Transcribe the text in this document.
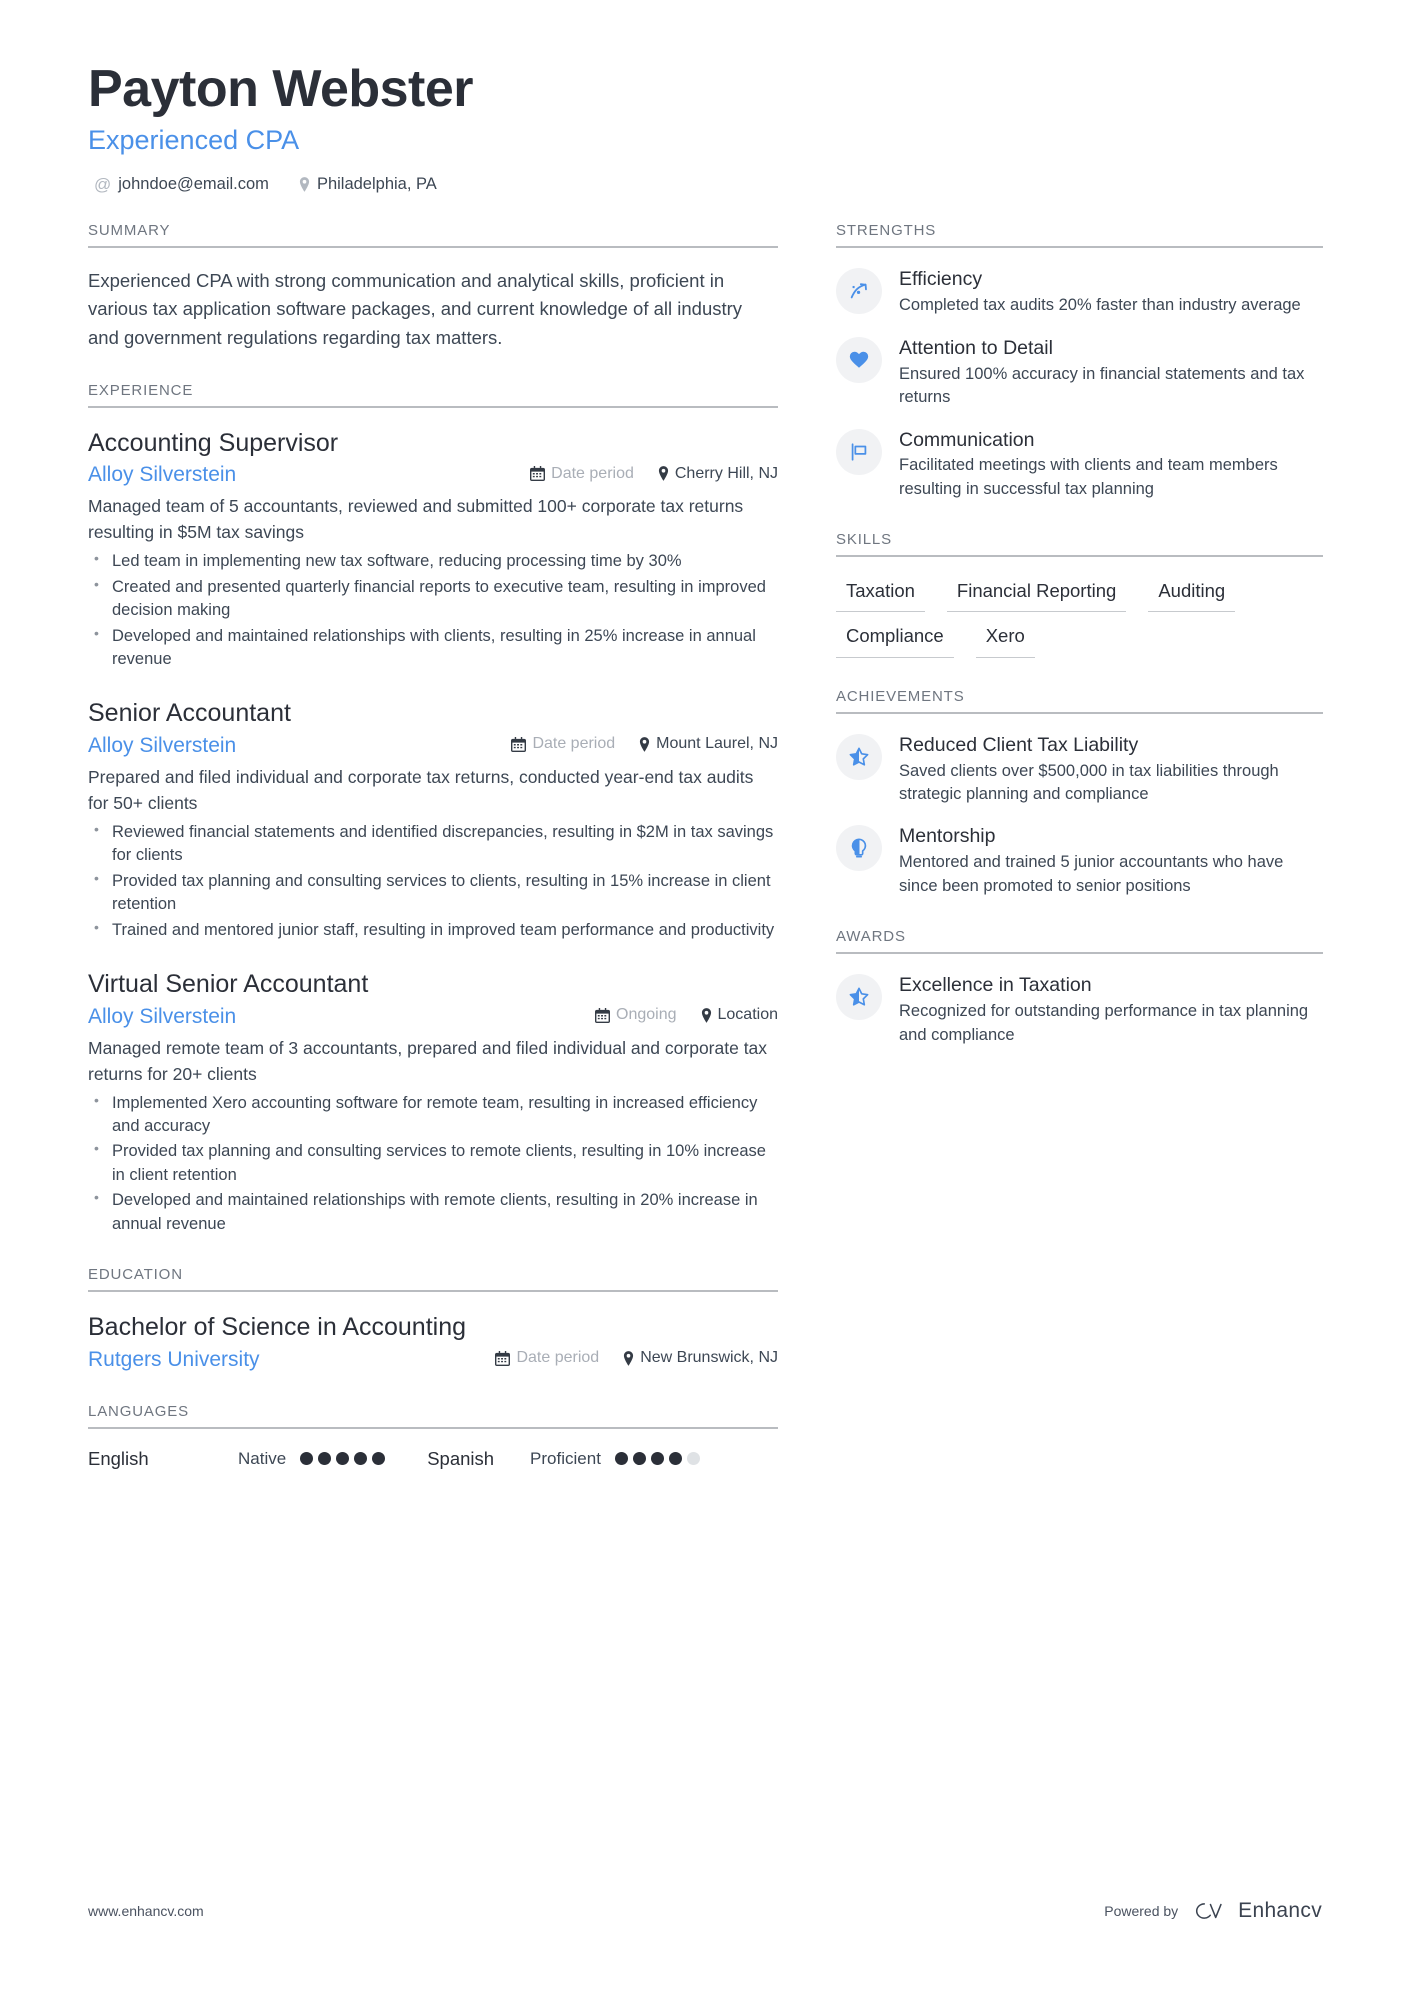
Payton Webster
Experienced CPA
@ johndoe@email.com	Philadelphia, PA
SUMMARY
Experienced CPA with strong communication and analytical skills, proficient in various tax application software packages, and current knowledge of all industry and government regulations regarding tax matters.
EXPERIENCE
Accounting Supervisor
Alloy Silverstein	Date period	Cherry Hill, NJ
Managed team of 5 accountants, reviewed and submitted 100+ corporate tax returns resulting in $5M tax savings
• Led team in implementing new tax software, reducing processing time by 30%
• Created and presented quarterly financial reports to executive team, resulting in improved decision making
• Developed and maintained relationships with clients, resulting in 25% increase in annual revenue
Senior Accountant
Alloy Silverstein	Date period	Mount Laurel, NJ
Prepared and filed individual and corporate tax returns, conducted year-end tax audits for 50+ clients
• Reviewed financial statements and identified discrepancies, resulting in $2M in tax savings for clients
• Provided tax planning and consulting services to clients, resulting in 15% increase in client retention
• Trained and mentored junior staff, resulting in improved team performance and productivity
Virtual Senior Accountant
Alloy Silverstein	Ongoing	Location
Managed remote team of 3 accountants, prepared and filed individual and corporate tax returns for 20+ clients
• Implemented Xero accounting software for remote team, resulting in increased efficiency and accuracy
• Provided tax planning and consulting services to remote clients, resulting in 10% increase in client retention
• Developed and maintained relationships with remote clients, resulting in 20% increase in annual revenue
EDUCATION
Bachelor of Science in Accounting
Rutgers University	Date period	New Brunswick, NJ
LANGUAGES
English	Native	Spanish Proficient
STRENGTHS
Efficiency
Completed tax audits 20% faster than industry average
Attention to Detail
Ensured 100% accuracy in financial statements and tax returns
Communication
Facilitated meetings with clients and team members resulting in successful tax planning
SKILLS
Taxation	Financial Reporting	Auditing
Compliance	Xero
ACHIEVEMENTS
Reduced Client Tax Liability
Saved clients over $500,000 in tax liabilities through strategic planning and compliance
Mentorship
Mentored and trained 5 junior accountants who have since been promoted to senior positions
AWARDS
Excellence in Taxation
Recognized for outstanding performance in tax planning and compliance
www.enhancv.com	Powered by	Enhancv
